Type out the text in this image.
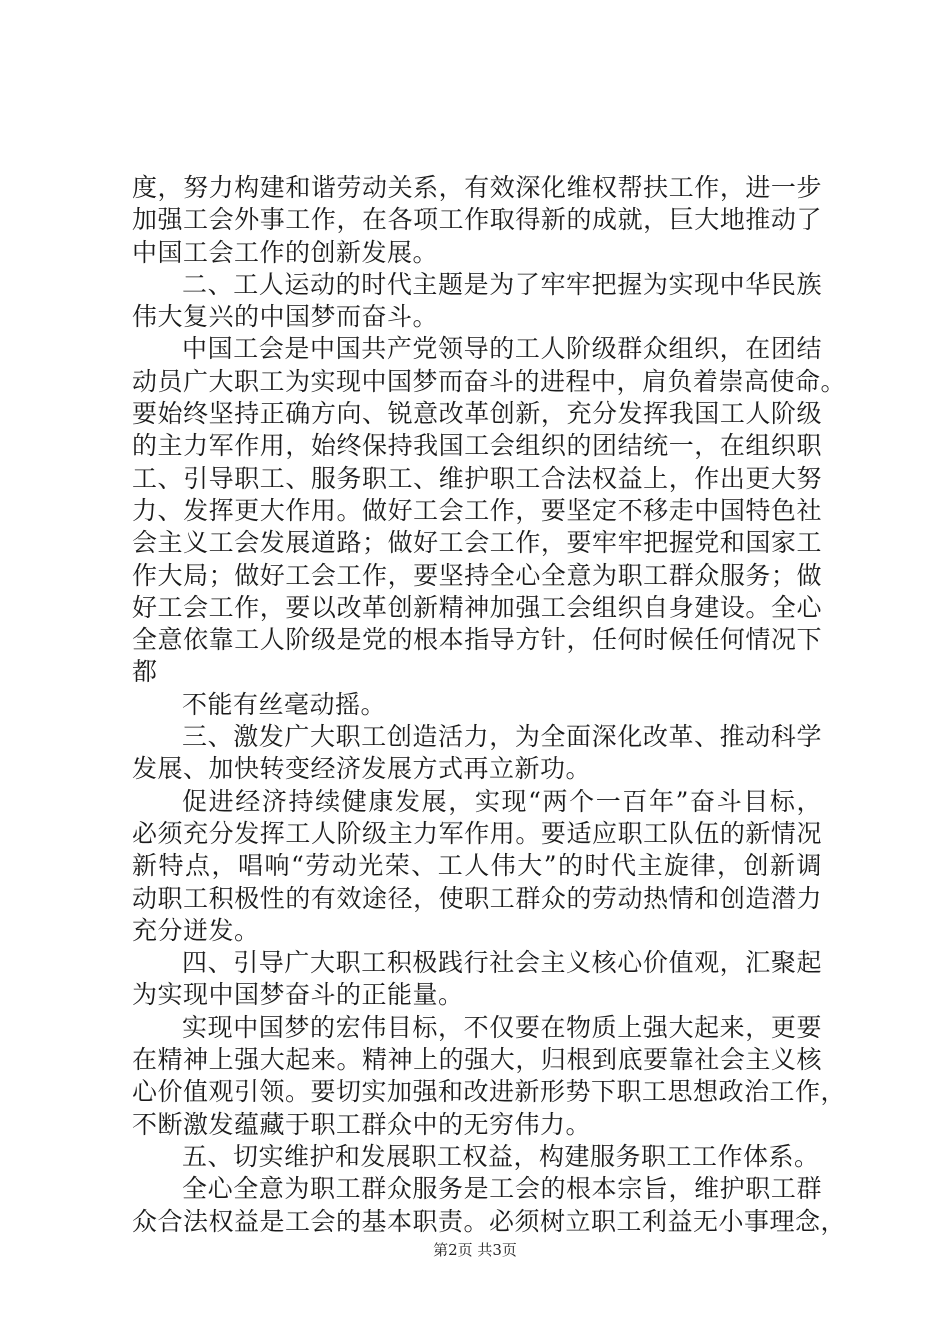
度，努力构建和谐劳动关系，有效深化维权帮扶工作，进一步
加强工会外事工作，在各项工作取得新的成就，巨大地推动了
中国工会工作的创新发展。
二、工人运动的时代主题是为了牢牢把握为实现中华民族
伟大复兴的中国梦而奋斗。
中国工会是中国共产党领导的工人阶级群众组织，在团结
动员广大职工为实现中国梦而奋斗的进程中，肩负着崇高使命。
要始终坚持正确方向、锐意改革创新，充分发挥我国工人阶级
的主力军作用，始终保持我国工会组织的团结统一，在组织职
工、引导职工、服务职工、维护职工合法权益上，作出更大努
力、发挥更大作用。做好工会工作，要坚定不移走中国特色社
会主义工会发展道路；做好工会工作，要牢牢把握党和国家工
作大局；做好工会工作，要坚持全心全意为职工群众服务；做
好工会工作，要以改革创新精神加强工会组织自身建设。全心
全意依靠工人阶级是党的根本指导方针，任何时候任何情况下
都
不能有丝毫动摇。
三、激发广大职工创造活力，为全面深化改革、推动科学
发展、加快转变经济发展方式再立新功。
促进经济持续健康发展，实现“两个一百年”奋斗目标，
必须充分发挥工人阶级主力军作用。要适应职工队伍的新情况
新特点，唱响“劳动光荣、工人伟大”的时代主旋律，创新调
动职工积极性的有效途径，使职工群众的劳动热情和创造潜力
充分迸发。
四、引导广大职工积极践行社会主义核心价值观，汇聚起
为实现中国梦奋斗的正能量。
实现中国梦的宏伟目标，不仅要在物质上强大起来，更要
在精神上强大起来。精神上的强大，归根到底要靠社会主义核
心价值观引领。要切实加强和改进新形势下职工思想政治工作，
不断激发蕴藏于职工群众中的无穷伟力。
五、切实维护和发展职工权益，构建服务职工工作体系。
全心全意为职工群众服务是工会的根本宗旨，维护职工群
众合法权益是工会的基本职责。必须树立职工利益无小事理念，
第2页 共3页
